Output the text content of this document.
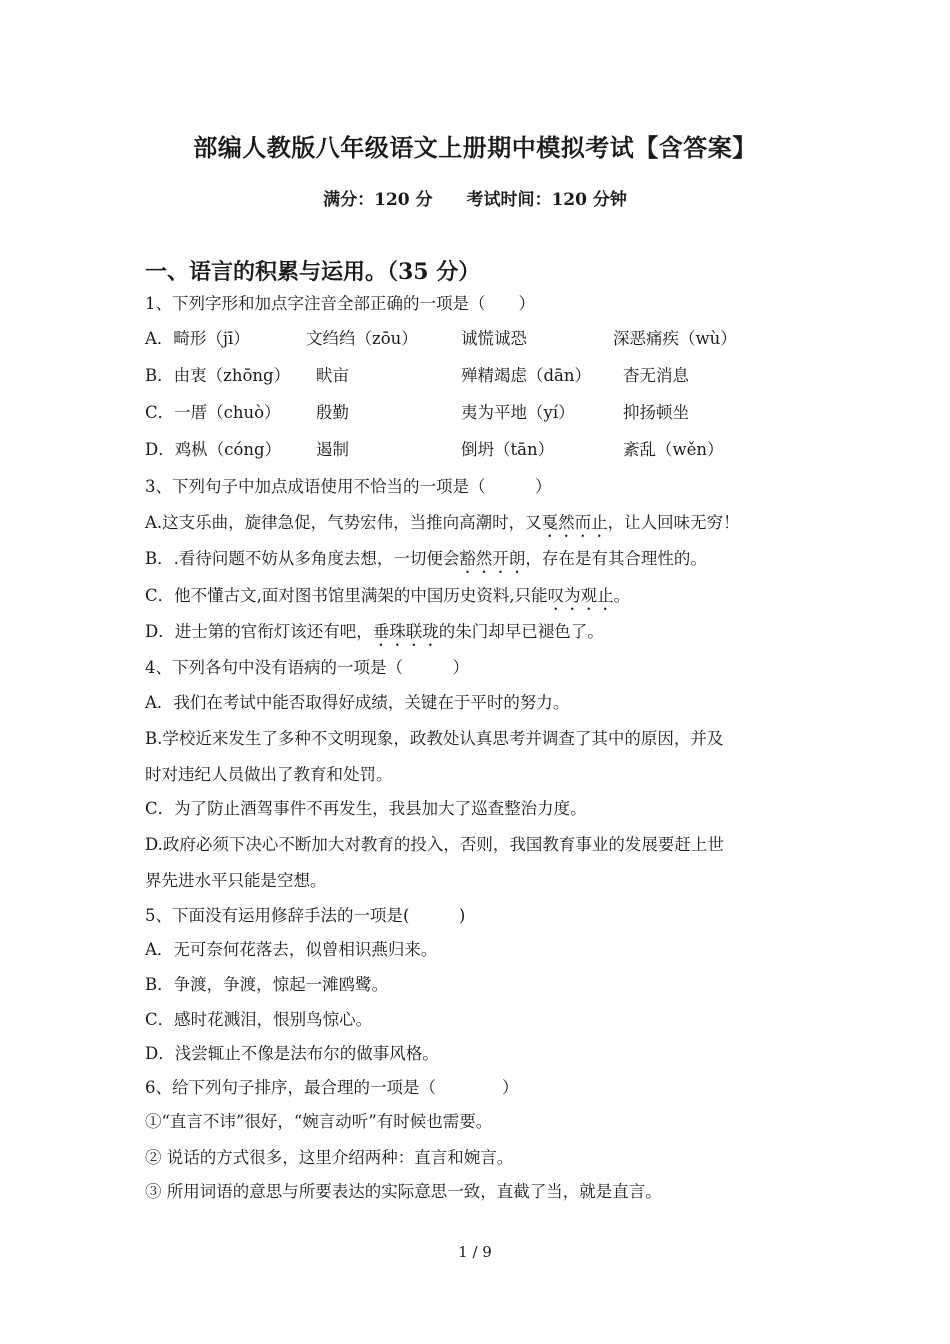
部编人教版八年级语文上册期中模拟考试【含答案】
满分：120 分 考试时间：120 分钟
一、语言的积累与运用。（35 分）
1、下列字形和加点字注音全部正确的一项是（　　）
A．畸形（jī）	文绉绉（zōu）	诚慌诚恐	深恶痛疾（wù）
B．由衷（zhōng） 畎亩	殚精竭虑（dān） 杳无消息
C．一厝（chuò） 殷勤	夷为平地（yí）	抑扬顿坐
D．鸡枞（cóng） 遏制	倒坍（tān）	紊乱（wěn）
3、下列句子中加点成语使用不恰当的一项是（　　　）
A.这支乐曲，旋律急促，气势宏伟，当推向高潮时，又戛然而止，让人回味无穷！
B．.看待问题不妨从多角度去想，一切便会豁然开朗，存在是有其合理性的。
C．他不懂古文,面对图书馆里满架的中国历史资料,只能叹为观止。
D．进士第的官衔灯该还有吧，垂珠联珑的朱门却早已褪色了。
4、下列各句中没有语病的一项是（　　　）
A．我们在考试中能否取得好成绩，关键在于平时的努力。
B.学校近来发生了多种不文明现象，政教处认真思考并调查了其中的原因，并及
时对违纪人员做出了教育和处罚。
C．为了防止酒驾事件不再发生，我县加大了巡查整治力度。
D.政府必须下决心不断加大对教育的投入，否则，我国教育事业的发展要赶上世
界先进水平只能是空想。
5、下面没有运用修辞手法的一项是(　　　)
A．无可奈何花落去，似曾相识燕归来。
B．争渡，争渡，惊起一滩鸥鹭。
C．感时花溅泪，恨别鸟惊心。
D．浅尝辄止不像是法布尔的做事风格。
6、给下列句子排序，最合理的一项是（　　　　）
①“直言不讳”很好，“婉言动听”有时候也需要。
② 说话的方式很多，这里介绍两种：直言和婉言。
③ 所用词语的意思与所要表达的实际意思一致，直截了当，就是直言。
1 / 9
